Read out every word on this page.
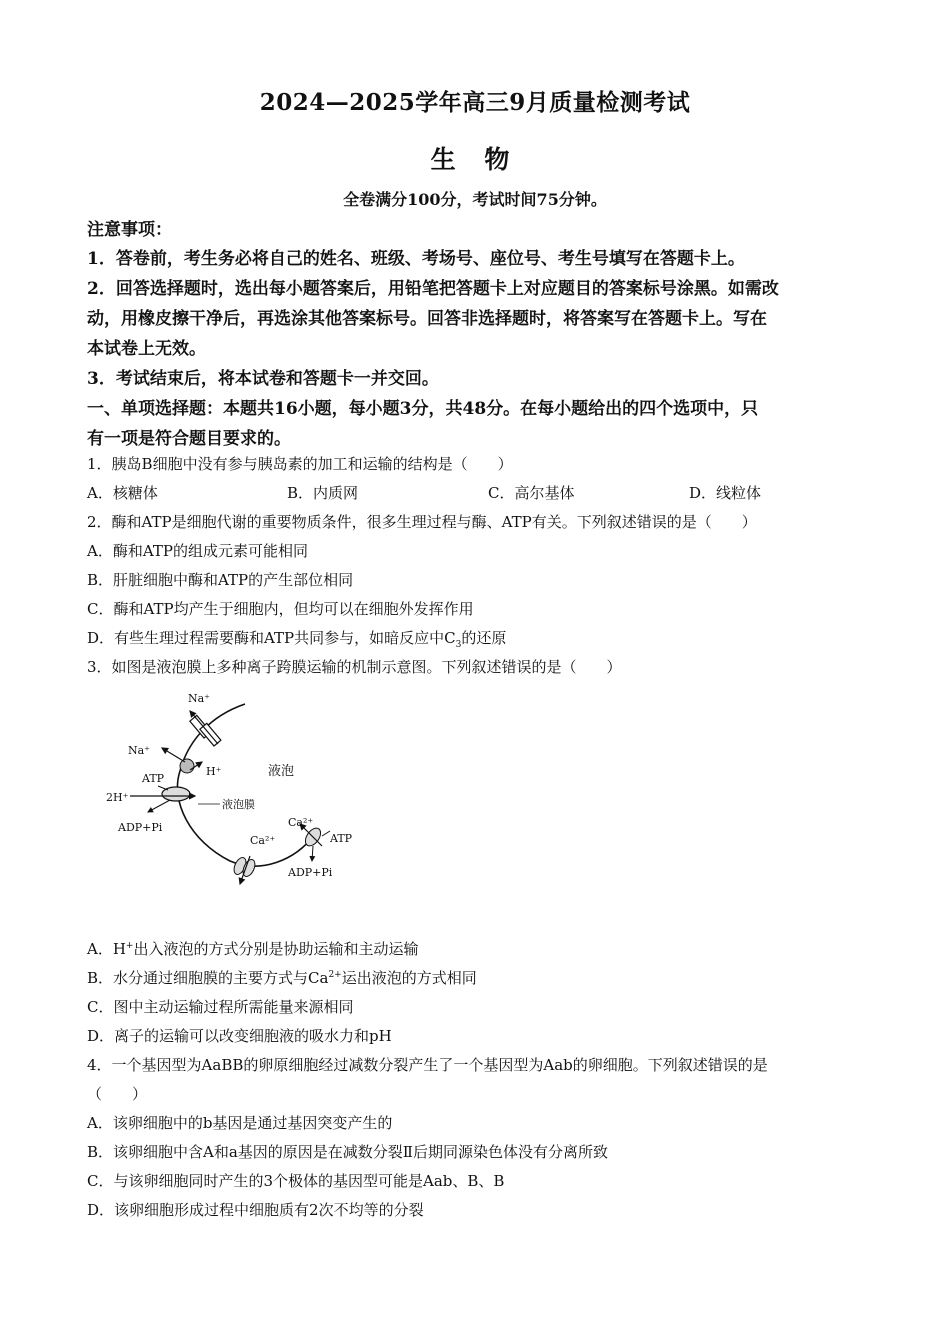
2024—2025学年高三9月质量检测考试
生 物
全卷满分100分，考试时间75分钟。
注意事项：
1．答卷前，考生务必将自己的姓名、班级、考场号、座位号、考生号填写在答题卡上。
2．回答选择题时，选出每小题答案后，用铅笔把答题卡上对应题目的答案标号涂黑。如需改
动，用橡皮擦干净后，再选涂其他答案标号。回答非选择题时，将答案写在答题卡上。写在
本试卷上无效。
3．考试结束后，将本试卷和答题卡一并交回。
一、单项选择题：本题共16小题，每小题3分，共48分。在每小题给出的四个选项中，只
有一项是符合题目要求的。
1．胰岛B细胞中没有参与胰岛素的加工和运输的结构是（　　）
A．核糖体	B．内质网	C．高尔基体	D．线粒体
2．酶和ATP是细胞代谢的重要物质条件，很多生理过程与酶、ATP有关。下列叙述错误的是（　　）
A．酶和ATP的组成元素可能相同
B．肝脏细胞中酶和ATP的产生部位相同
C．酶和ATP均产生于细胞内，但均可以在细胞外发挥作用
D．有些生理过程需要酶和ATP共同参与，如暗反应中$C_3$的还原
3．如图是液泡膜上多种离子跨膜运输的机制示意图。下列叙述错误的是（　　）
Na⁺
Na⁺
H⁺
ATP
2H⁺
ADP+Pi
液泡
液泡膜
Ca²⁺
Ca²⁺
ATP
ADP+Pi
A．H+出入液泡的方式分别是协助运输和主动运输
B．水分通过细胞膜的主要方式与$Ca^{2+}$运出液泡的方式相同
C．图中主动运输过程所需能量来源相同
D．离子的运输可以改变细胞液的吸水力和pH
4．一个基因型为AaBB的卵原细胞经过减数分裂产生了一个基因型为Aab的卵细胞。下列叙述错误的是
（　　）
A．该卵细胞中的b基因是通过基因突变产生的
B．该卵细胞中含A和a基因的原因是在减数分裂Ⅱ后期同源染色体没有分离所致
C．与该卵细胞同时产生的3个极体的基因型可能是Aab、B、B
D．该卵细胞形成过程中细胞质有2次不均等的分裂
